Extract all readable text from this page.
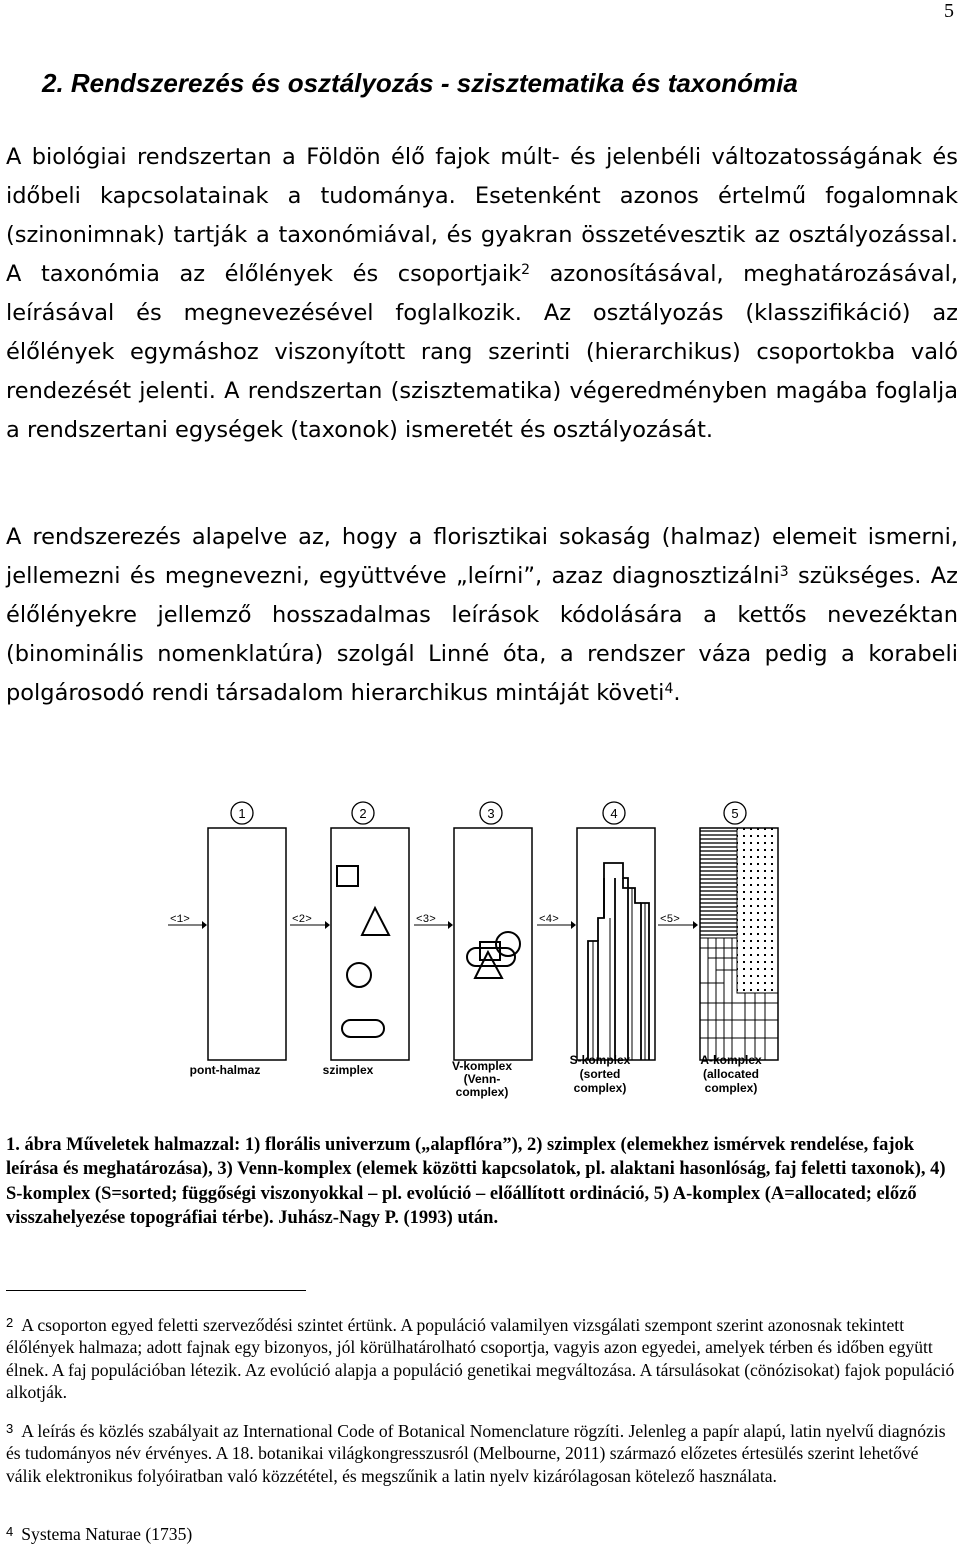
5
2. Rendszerezés és osztályozás - szisztematika és taxonómia

A biológiai rendszertan a Földön élő fajok múlt- és jelenbéli változatosságának és időbeli kapcsolatainak a tudománya. Esetenként azonos értelmű fogalomnak (szinonimnak) tartják a taxonómiával, és gyakran összetévesztik az osztályozással. A taxonómia az élőlények és csoportjaik$^2$ azonosításával, meghatározásával, leírásával és megnevezésével foglalkozik. Az osztályozás (klasszifikáció) az élőlények egymáshoz viszonyított rang szerinti (hierarchikus) csoportokba való rendezését jelenti. A rendszertan (szisztematika) végeredményben magába foglalja a rendszertani egységek (taxonok) ismeretét és osztályozását.

A rendszerezés alapelve az, hogy a florisztikai sokaság (halmaz) elemeit ismerni, jellemezni és megnevezni, együttvéve „leírni”, azaz diagnosztizálni$^3$ szükséges. Az élőlényekre jellemző hosszadalmas leírások kódolására a kettős nevezéktan (binominális nomenklatúra) szolgál Linné óta, a rendszer váza pedig a korabeli polgárosodó rendi társadalom hierarchikus mintáját követi$^4$.

1	2	3	4	5
<1>	<2>	<3>	<4>	<5>
pont-halmaz	szimplex	V-komplex
(Venn-
complex)
S-komplex
(sorted
complex)
A-komplex
(allocated
complex)

1. ábra Műveletek halmazzal: 1) florális univerzum („alapflóra”), 2) szimplex (elemekhez ismérvek rendelése, fajok leírása és meghatározása), 3) Venn-komplex (elemek közötti kapcsolatok, pl. alaktani hasonlóság, faj feletti taxonok), 4) S-komplex (S=sorted; függőségi viszonyokkal – pl. evolúció – előállított ordináció, 5) A-komplex (A=allocated; előző visszahelyezése topográfiai térbe). Juhász-Nagy P. (1993) után.

$^2$ A csoporton egyed feletti szerveződési szintet értünk. A populáció valamilyen vizsgálati szempont szerint azonosnak tekintett élőlények halmaza; adott fajnak egy bizonyos, jól körülhatárolható csoportja, vagyis azon egyedei, amelyek térben és időben együtt élnek. A faj populációban létezik. Az evolúció alapja a populáció genetikai megváltozása. A társulásokat (cönózisokat) fajok populáció alkotják.

$^3$ A leírás és közlés szabályait az International Code of Botanical Nomenclature rögzíti. Jelenleg a papír alapú, latin nyelvű diagnózis és tudományos név érvényes. A 18. botanikai világkongresszusról (Melbourne, 2011) származó előzetes értesülés szerint lehetővé válik elektronikus folyóiratban való közzététel, és megszűnik a latin nyelv kizárólagosan kötelező használata.

$^4$ Systema Naturae (1735)
